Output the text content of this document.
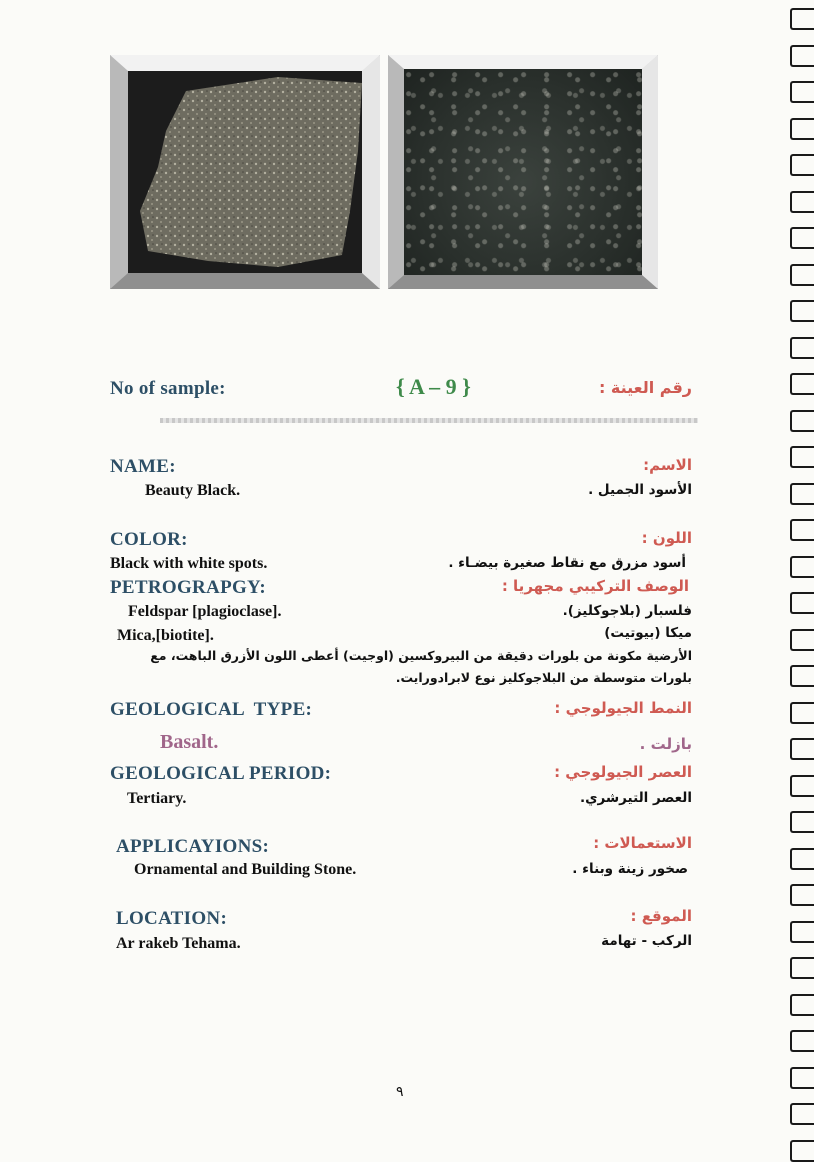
No of sample:	{ A – 9 }	رقم العينة :
NAME:	الاسم:
Beauty Black.	الأسود الجميل .
COLOR:	اللون :
Black with white spots.	أسود مزرق مع نقاط صغيرة بيضـاء .
PETROGRAPGY:	الوصف التركيبي مجهريا :
Feldspar [plagioclase].	فلسبار (بلاجوكليز).
Mica,[biotite].	ميكا (بيوتيت)
الأرضية مكونة من بلورات دقيقة من البيروكسين (اوجيت) أعطى اللون الأزرق الباهت، مع
بلورات متوسطة من البلاجوكليز نوع لابرادورايت.
GEOLOGICAL  TYPE:	النمط الجيولوجي :
Basalt.	بازلت .
GEOLOGICAL PERIOD:	العصر الجيولوجي :
Tertiary.	العصر التيرشري.
APPLICAYIONS:	الاستعمالات :
Ornamental and Building Stone.	صخور زينة وبناء .
LOCATION:	الموقع :
Ar rakeb Tehama.	الركب - تهامة
٩
